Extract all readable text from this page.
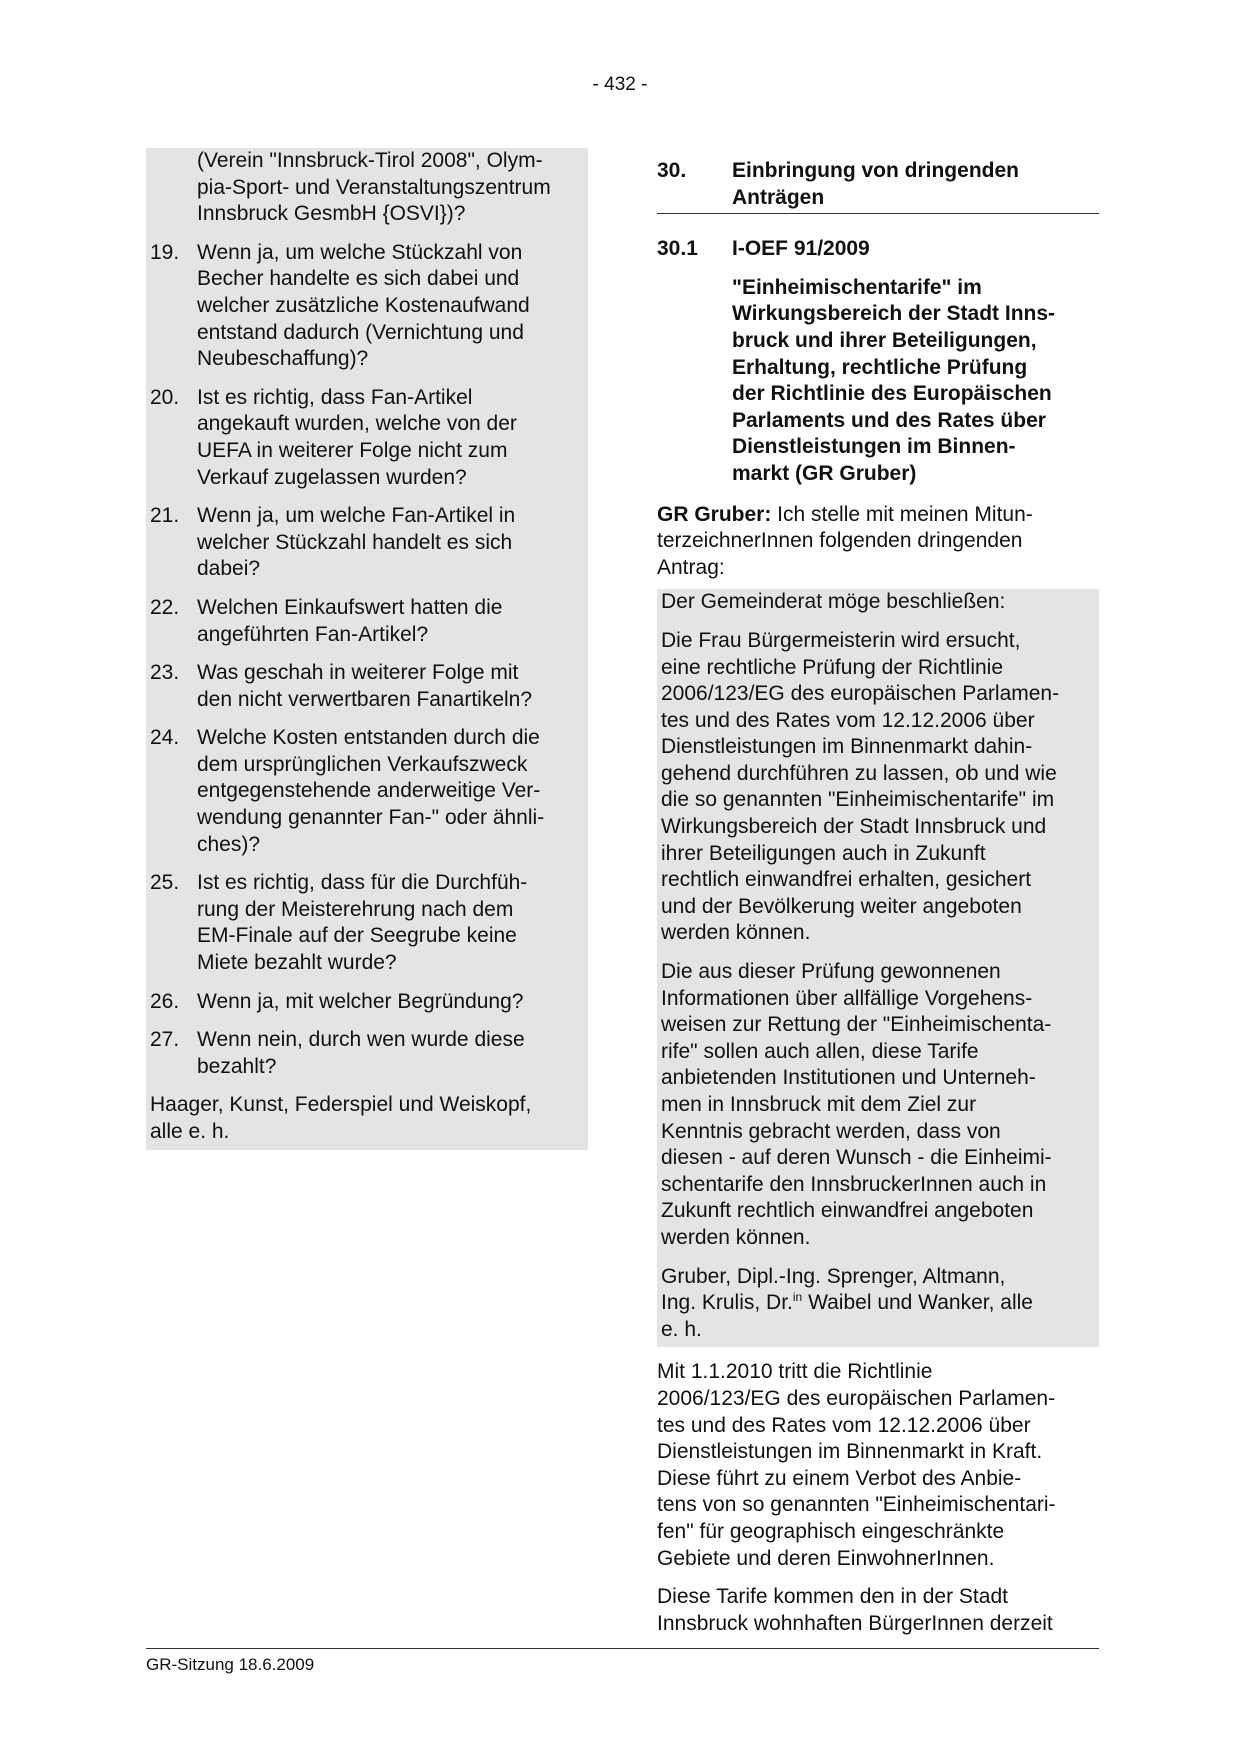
- 432 -
(Verein "Innsbruck-Tirol 2008", Olym-
pia-Sport- und Veranstaltungszentrum
Innsbruck GesmbH {OSVI})?
19. Wenn ja, um welche Stückzahl von
Becher handelte es sich dabei und
welcher zusätzliche Kostenaufwand
entstand dadurch (Vernichtung und
Neubeschaffung)?
20. Ist es richtig, dass Fan-Artikel
angekauft wurden, welche von der
UEFA in weiterer Folge nicht zum
Verkauf zugelassen wurden?
21. Wenn ja, um welche Fan-Artikel in
welcher Stückzahl handelt es sich
dabei?
22. Welchen Einkaufswert hatten die
angeführten Fan-Artikel?
23. Was geschah in weiterer Folge mit
den nicht verwertbaren Fanartikeln?
24. Welche Kosten entstanden durch die
dem ursprünglichen Verkaufszweck
entgegenstehende anderweitige Ver-
wendung genannter Fan-" oder ähnli-
ches)?
25. Ist es richtig, dass für die Durchfüh-
rung der Meisterehrung nach dem
EM-Finale auf der Seegrube keine
Miete bezahlt wurde?
26. Wenn ja, mit welcher Begründung?
27. Wenn nein, durch wen wurde diese
bezahlt?
Haager, Kunst, Federspiel und Weiskopf,
alle e. h.
30.	Einbringung von dringenden
Anträgen
30.1	I-OEF 91/2009
"Einheimischentarife" im
Wirkungsbereich der Stadt Inns-
bruck und ihrer Beteiligungen,
Erhaltung, rechtliche Prüfung
der Richtlinie des Europäischen
Parlaments und des Rates über
Dienstleistungen im Binnen-
markt (GR Gruber)
GR Gruber: Ich stelle mit meinen Mitun-
terzeichnerInnen folgenden dringenden
Antrag:
Der Gemeinderat möge beschließen:
Die Frau Bürgermeisterin wird ersucht,
eine rechtliche Prüfung der Richtlinie
2006/123/EG des europäischen Parlamen-
tes und des Rates vom 12.12.2006 über
Dienstleistungen im Binnenmarkt dahin-
gehend durchführen zu lassen, ob und wie
die so genannten "Einheimischentarife" im
Wirkungsbereich der Stadt Innsbruck und
ihrer Beteiligungen auch in Zukunft
rechtlich einwandfrei erhalten, gesichert
und der Bevölkerung weiter angeboten
werden können.
Die aus dieser Prüfung gewonnenen
Informationen über allfällige Vorgehens-
weisen zur Rettung der "Einheimischenta-
rife" sollen auch allen, diese Tarife
anbietenden Institutionen und Unterneh-
men in Innsbruck mit dem Ziel zur
Kenntnis gebracht werden, dass von
diesen - auf deren Wunsch - die Einheimi-
schentarife den InnsbruckerInnen auch in
Zukunft rechtlich einwandfrei angeboten
werden können.
Gruber, Dipl.-Ing. Sprenger, Altmann,
Ing. Krulis, Dr.$^{in}$ Waibel und Wanker, alle
e. h.
Mit 1.1.2010 tritt die Richtlinie
2006/123/EG des europäischen Parlamen-
tes und des Rates vom 12.12.2006 über
Dienstleistungen im Binnenmarkt in Kraft.
Diese führt zu einem Verbot des Anbie-
tens von so genannten "Einheimischentari-
fen" für geographisch eingeschränkte
Gebiete und deren EinwohnerInnen.
Diese Tarife kommen den in der Stadt
Innsbruck wohnhaften BürgerInnen derzeit
GR-Sitzung 18.6.2009
